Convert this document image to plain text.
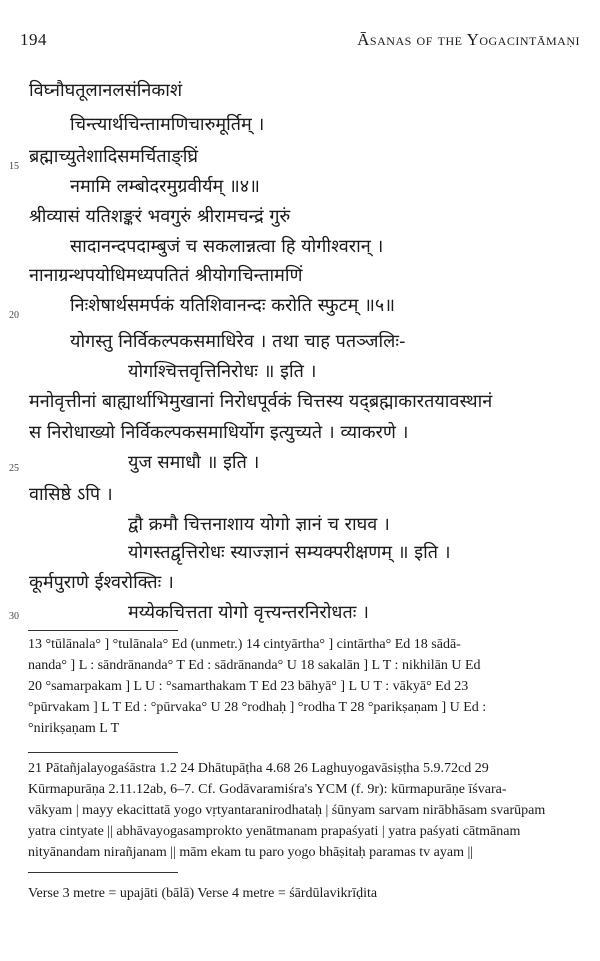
194	Āsanas of the Yogacintāmaṇi
15
20
25
30
विघ्नौघतूलानलसंनिकाशं
चिन्त्यार्थचिन्तामणिचारुमूर्तिम् ।
ब्रह्माच्युतेशादिसमर्चिताङ्घ्रिं
नमामि लम्बोदरमुग्रवीर्यम् ॥४॥
श्रीव्यासं यतिशङ्करं भवगुरुं श्रीरामचन्द्रं गुरुं
सादानन्दपदाम्बुजं च सकलान्नत्वा हि योगीश्वरान् ।
नानाग्रन्थपयोधिमध्यपतितं श्रीयोगचिन्तामणिं
निःशेषार्थसमर्पकं यतिशिवानन्दः करोति स्फुटम् ॥५॥
योगस्तु निर्विकल्पकसमाधिरेव । तथा चाह पतञ्जलिः-
योगश्चित्तवृत्तिनिरोधः ॥ इति ।
मनोवृत्तीनां बाह्यार्थाभिमुखानां निरोधपूर्वकं चित्तस्य यद्ब्रह्माकारतयावस्थानं
स निरोधाख्यो निर्विकल्पकसमाधिर्योग इत्युच्यते । व्याकरणे ।
युज समाधौ ॥ इति ।
वासिष्ठे ऽपि ।
द्वौ क्रमौ चित्तनाशाय योगो ज्ञानं च राघव ।
योगस्तद्वृत्तिरोधः स्याज्ज्ञानं सम्यक्परीक्षणम् ॥ इति ।
कूर्मपुराणे ईश्वरोक्तिः ।
मय्येकचित्तता योगो वृत्त्यन्तरनिरोधतः ।
13 °tūlānala° ] °tulānala° Ed (unmetr.) 14 cintyārtha° ] cintārtha° Ed 18 sādā-
nanda° ] L : sāndrānanda° T Ed : sādrānanda° U 18 sakalān ] L T : nikhilān U Ed
20 °samarpakam ] L U : °samarthakam T Ed 23 bāhyā° ] L U T : vākyā° Ed 23
°pūrvakam ] L T Ed : °pūrvaka° U 28 °rodhaḥ ] °rodha T 28 °parikṣaṇam ] U Ed :
°nirikṣaṇam L T
21 Pātañjalayogaśāstra 1.2 24 Dhātupāṭha 4.68 26 Laghuyogavāsiṣṭha 5.9.72cd 29
Kūrmapurāṇa 2.11.12ab, 6–7. Cf. Godāvaramiśra's YCM (f. 9r): kūrmapurāṇe īśvara-
vākyam | mayy ekacittatā yogo vṛtyantaranirodhataḥ | śūnyam sarvam nirābhāsam svarūpam
yatra cintyate || abhāvayogasamprokto yenātmanam prapaśyati | yatra paśyati cātmānam
nityānandam nirañjanam || mām ekam tu paro yogo bhāṣitaḥ paramas tv ayam ||
Verse 3 metre = upajāti (bālā) Verse 4 metre = śārdūlavikrīḍita
